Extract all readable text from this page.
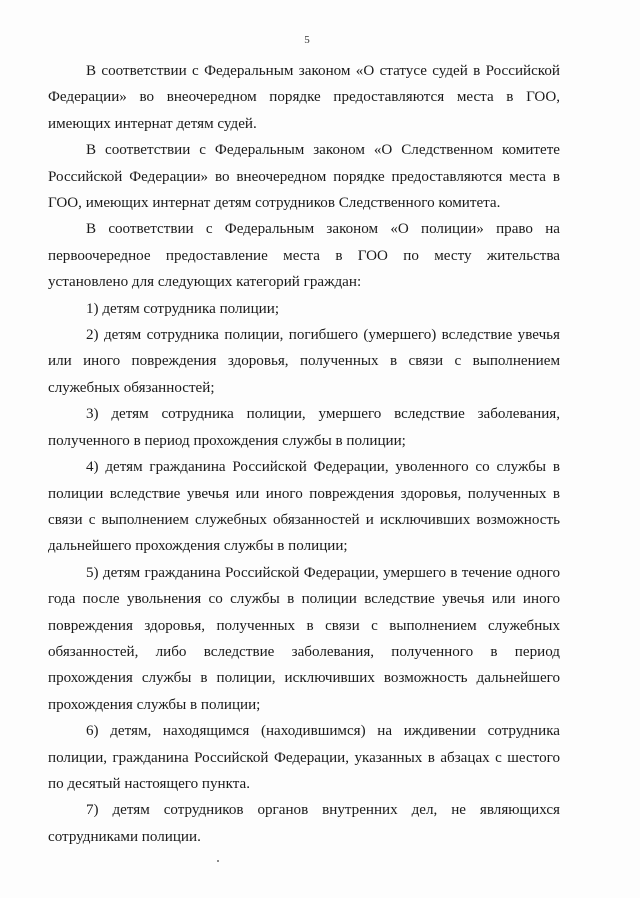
5

В соответствии с Федеральным законом «О статусе судей в Российской Федерации» во внеочередном порядке предоставляются места в ГОО, имеющих интернат детям судей.

В соответствии с Федеральным законом «О Следственном комитете Российской Федерации» во внеочередном порядке предоставляются места в ГОО, имеющих интернат детям сотрудников Следственного комитета.

В соответствии с Федеральным законом «О полиции» право на первоочередное предоставление места в ГОО по месту жительства установлено для следующих категорий граждан:

1) детям сотрудника полиции;

2) детям сотрудника полиции, погибшего (умершего) вследствие увечья или иного повреждения здоровья, полученных в связи с выполнением служебных обязанностей;

3) детям сотрудника полиции, умершего вследствие заболевания, полученного в период прохождения службы в полиции;

4) детям гражданина Российской Федерации, уволенного со службы в полиции вследствие увечья или иного повреждения здоровья, полученных в связи с выполнением служебных обязанностей и исключивших возможность дальнейшего прохождения службы в полиции;

5) детям гражданина Российской Федерации, умершего в течение одного года после увольнения со службы в полиции вследствие увечья или иного повреждения здоровья, полученных в связи с выполнением служебных обязанностей, либо вследствие заболевания, полученного в период прохождения службы в полиции, исключивших возможность дальнейшего прохождения службы в полиции;

6) детям, находящимся (находившимся) на иждивении сотрудника полиции, гражданина Российской Федерации, указанных в абзацах с шестого по десятый настоящего пункта.

7) детям сотрудников органов внутренних дел, не являющихся сотрудниками полиции.
